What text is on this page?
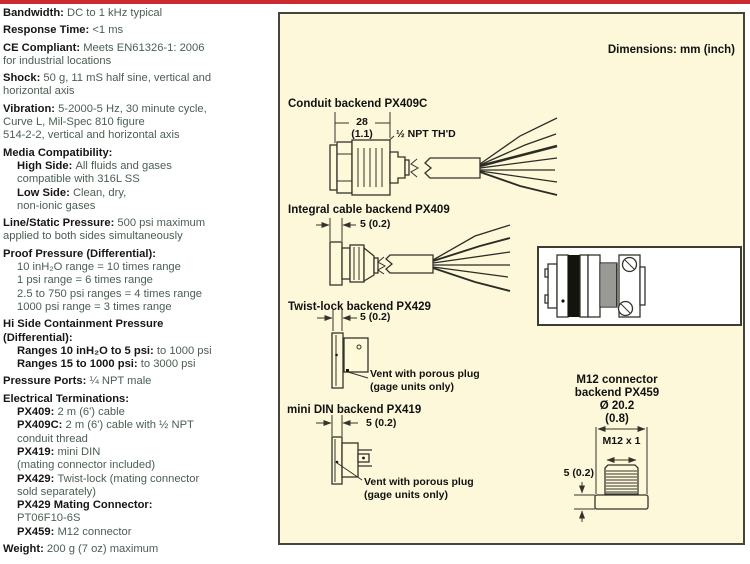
Bandwidth: DC to 1 kHz typical
Response Time: <1 ms
CE Compliant: Meets EN61326-1: 2006
for industrial locations
Shock: 50 g, 11 mS half sine, vertical and
horizontal axis
Vibration: 5-2000-5 Hz, 30 minute cycle,
Curve L, Mil-Spec 810 figure
514-2-2, vertical and horizontal axis
Media Compatibility:
High Side: All fluids and gases
compatible with 316L SS
Low Side: Clean, dry,
non-ionic gases
Line/Static Pressure: 500 psi maximum
applied to both sides simultaneously
Proof Pressure (Differential):
10 inH₂O range = 10 times range
1 psi range = 6 times range
2.5 to 750 psi ranges = 4 times range
1000 psi range = 3 times range
Hi Side Containment Pressure
(Differential):
Ranges 10 inH₂O to 5 psi: to 1000 psi
Ranges 15 to 1000 psi: to 3000 psi
Pressure Ports: ¼ NPT male
Electrical Terminations:
PX409: 2 m (6') cable
PX409C: 2 m (6') cable with ½ NPT
conduit thread
PX419: mini DIN
(mating connector included)
PX429: Twist-lock (mating connector
sold separately)
PX429 Mating Connector:
PT06F10-6S
PX459: M12 connector
Weight: 200 g (7 oz) maximum
Dimensions: mm (inch)
Conduit backend PX409C
Integral cable backend PX409
Twist-lock backend PX429
mini DIN backend PX419
28
(1.1)	½ NPT TH'D
5 (0.2)
5 (0.2)
Vent with porous plug
(gage units only)
5 (0.2)
Vent with porous plug
(gage units only)
M12 connector
backend PX459
Ø 20.2
(0.8)
M12 x 1
5 (0.2)
